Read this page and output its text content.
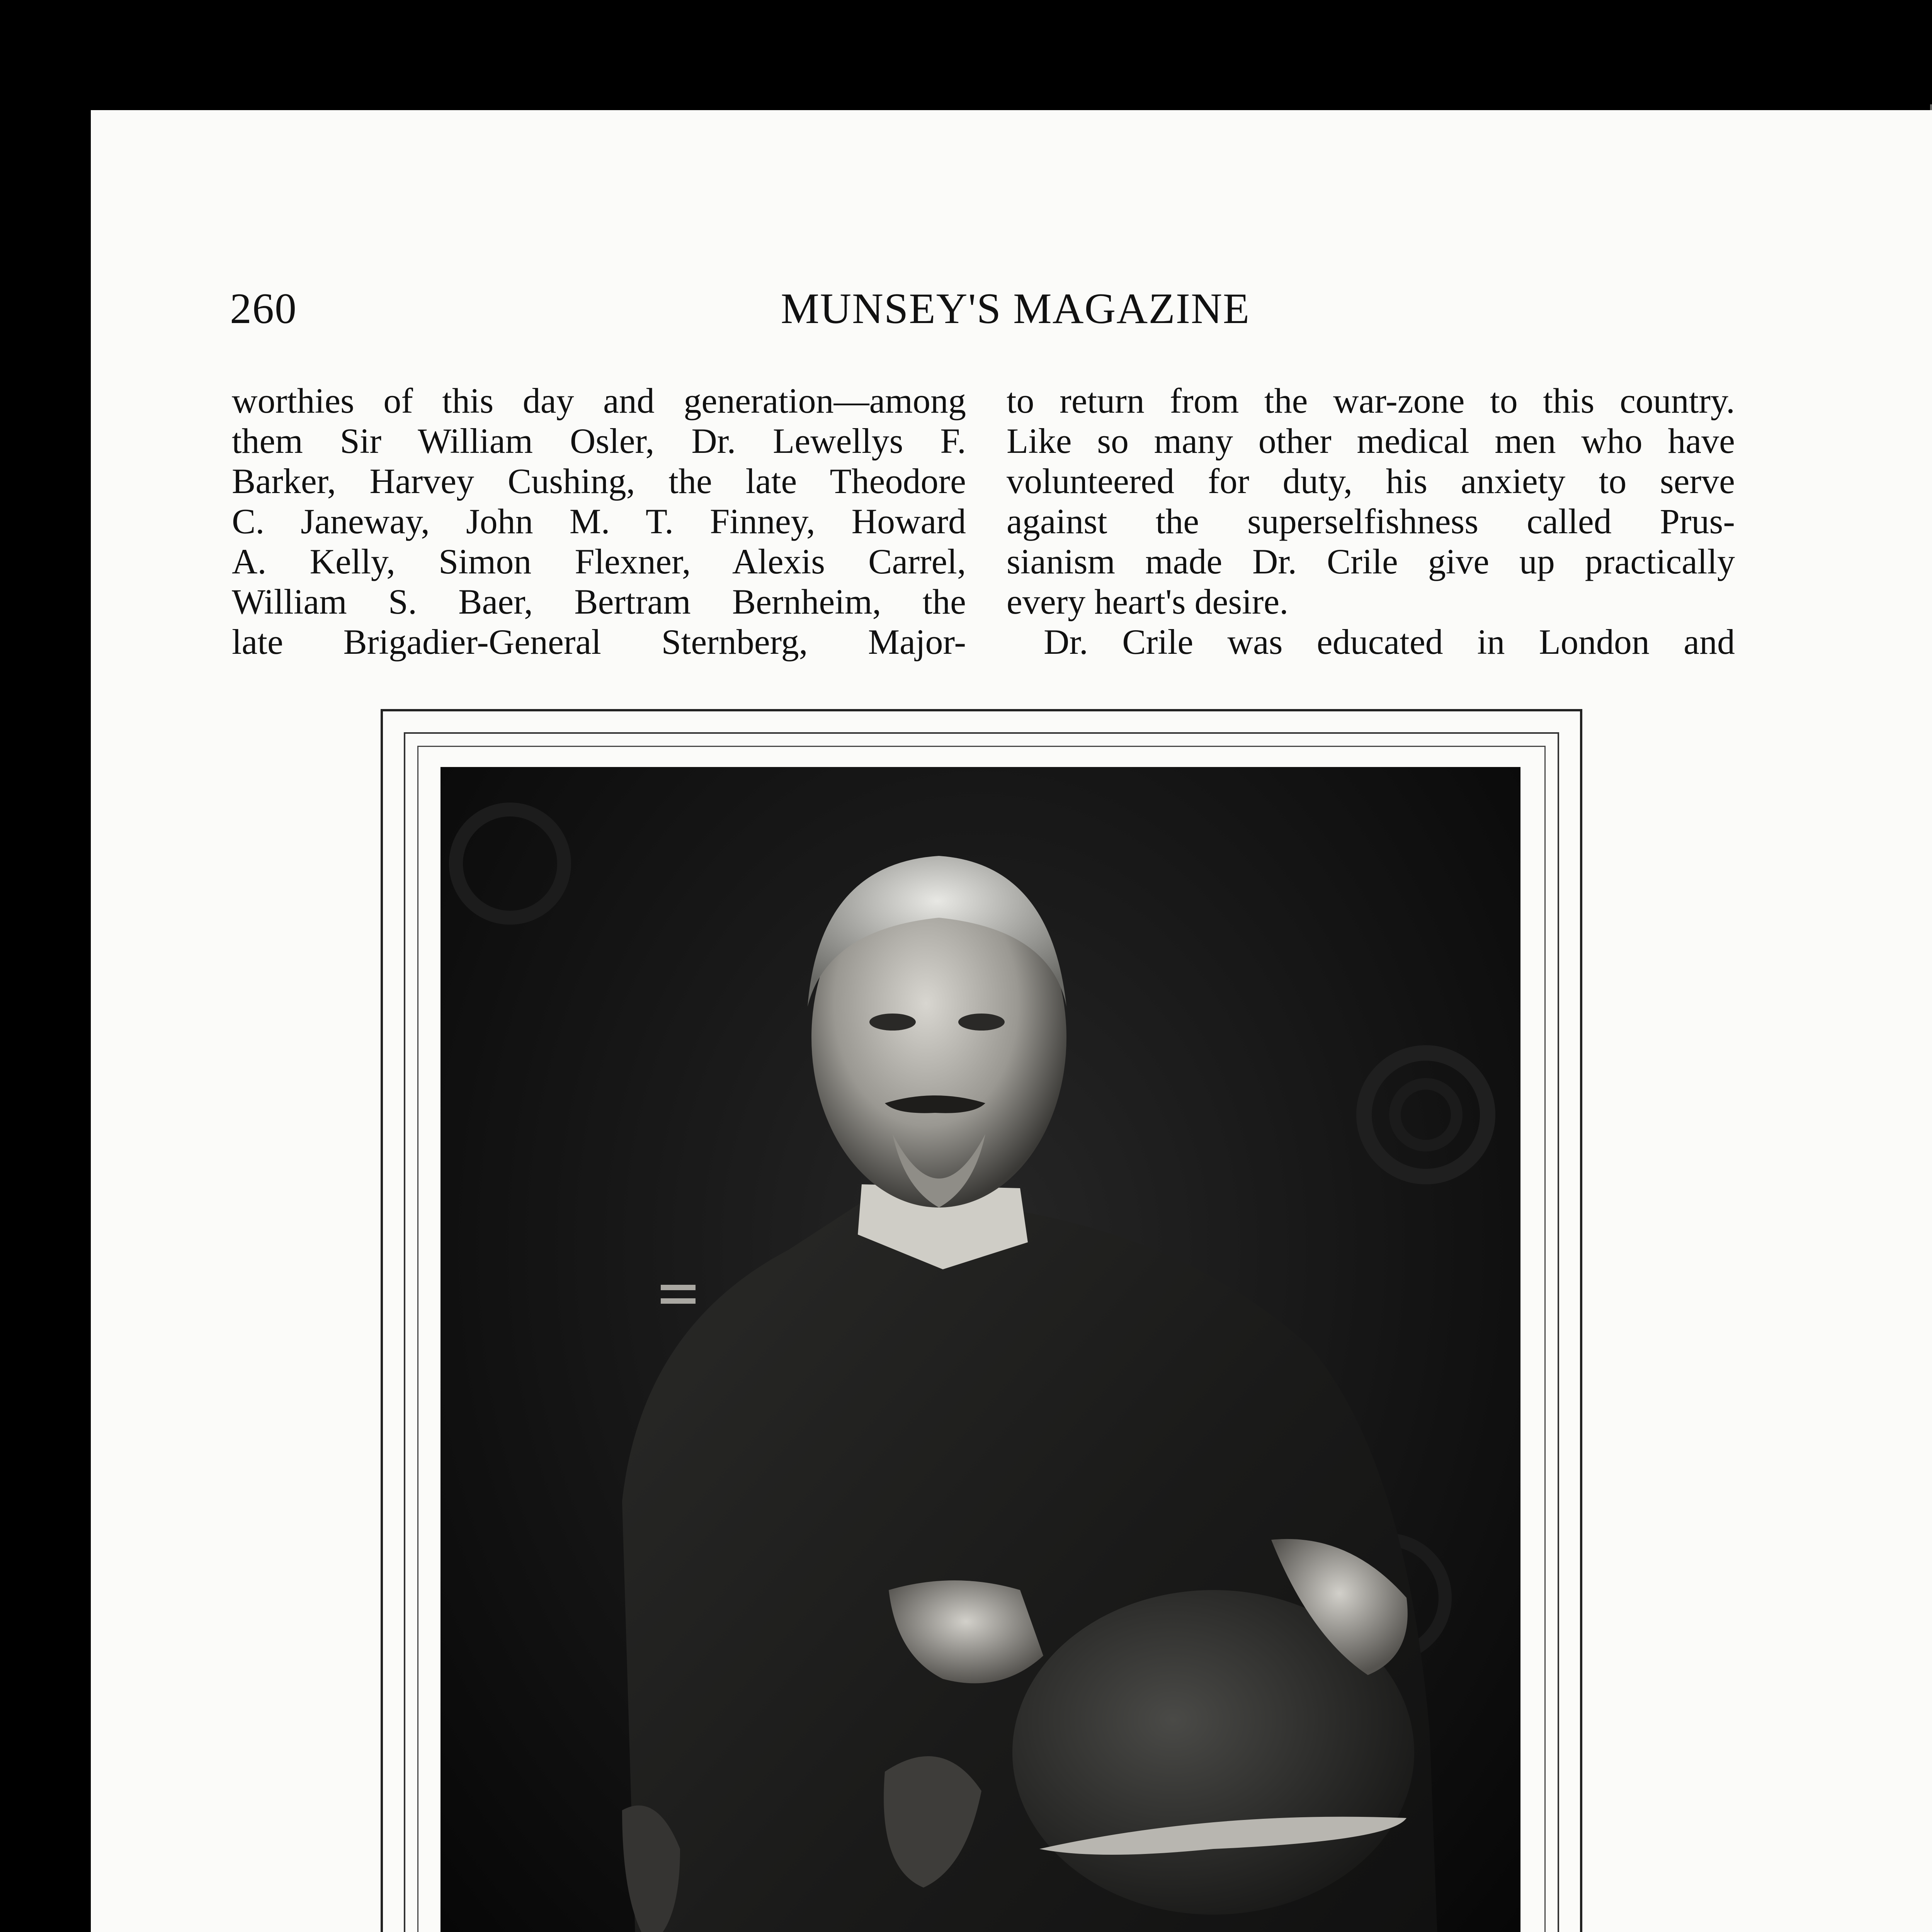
260	MUNSEY'S MAGAZINE
worthies of this day and generation—among
them Sir William Osler, Dr. Lewellys F.
Barker, Harvey Cushing, the late Theodore
C. Janeway, John M. T. Finney, Howard
A. Kelly, Simon Flexner, Alexis Carrel,
William S. Baer, Bertram Bernheim, the
late Brigadier-General Sternberg, Major-
to return from the war-zone to this country.
Like so many other medical men who have
volunteered for duty, his anxiety to serve
against the superselfishness called Prus-
sianism made Dr. Crile give up practically
every heart's desire.
Dr. Crile was educated in London and
